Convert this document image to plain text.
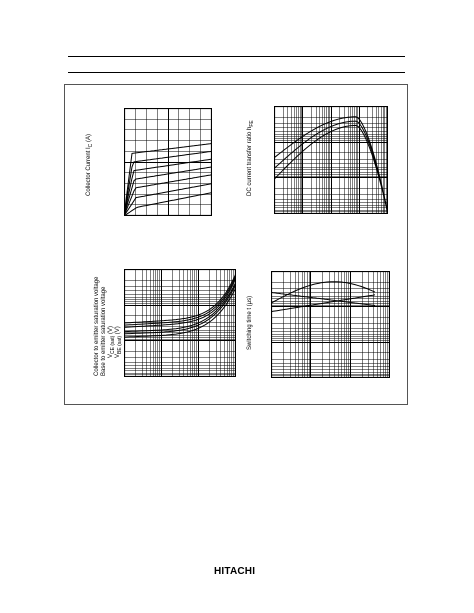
Collector Current $I_C$ (A)	DC current transfer ratio $h_{FE}$
Collector to emitter saturation voltage Base to emitter saturation voltage $V_{CE (sat)}$ (V)
$V_{BE (sat)}$ (V)	Switching time t (μs)
HITACHI
